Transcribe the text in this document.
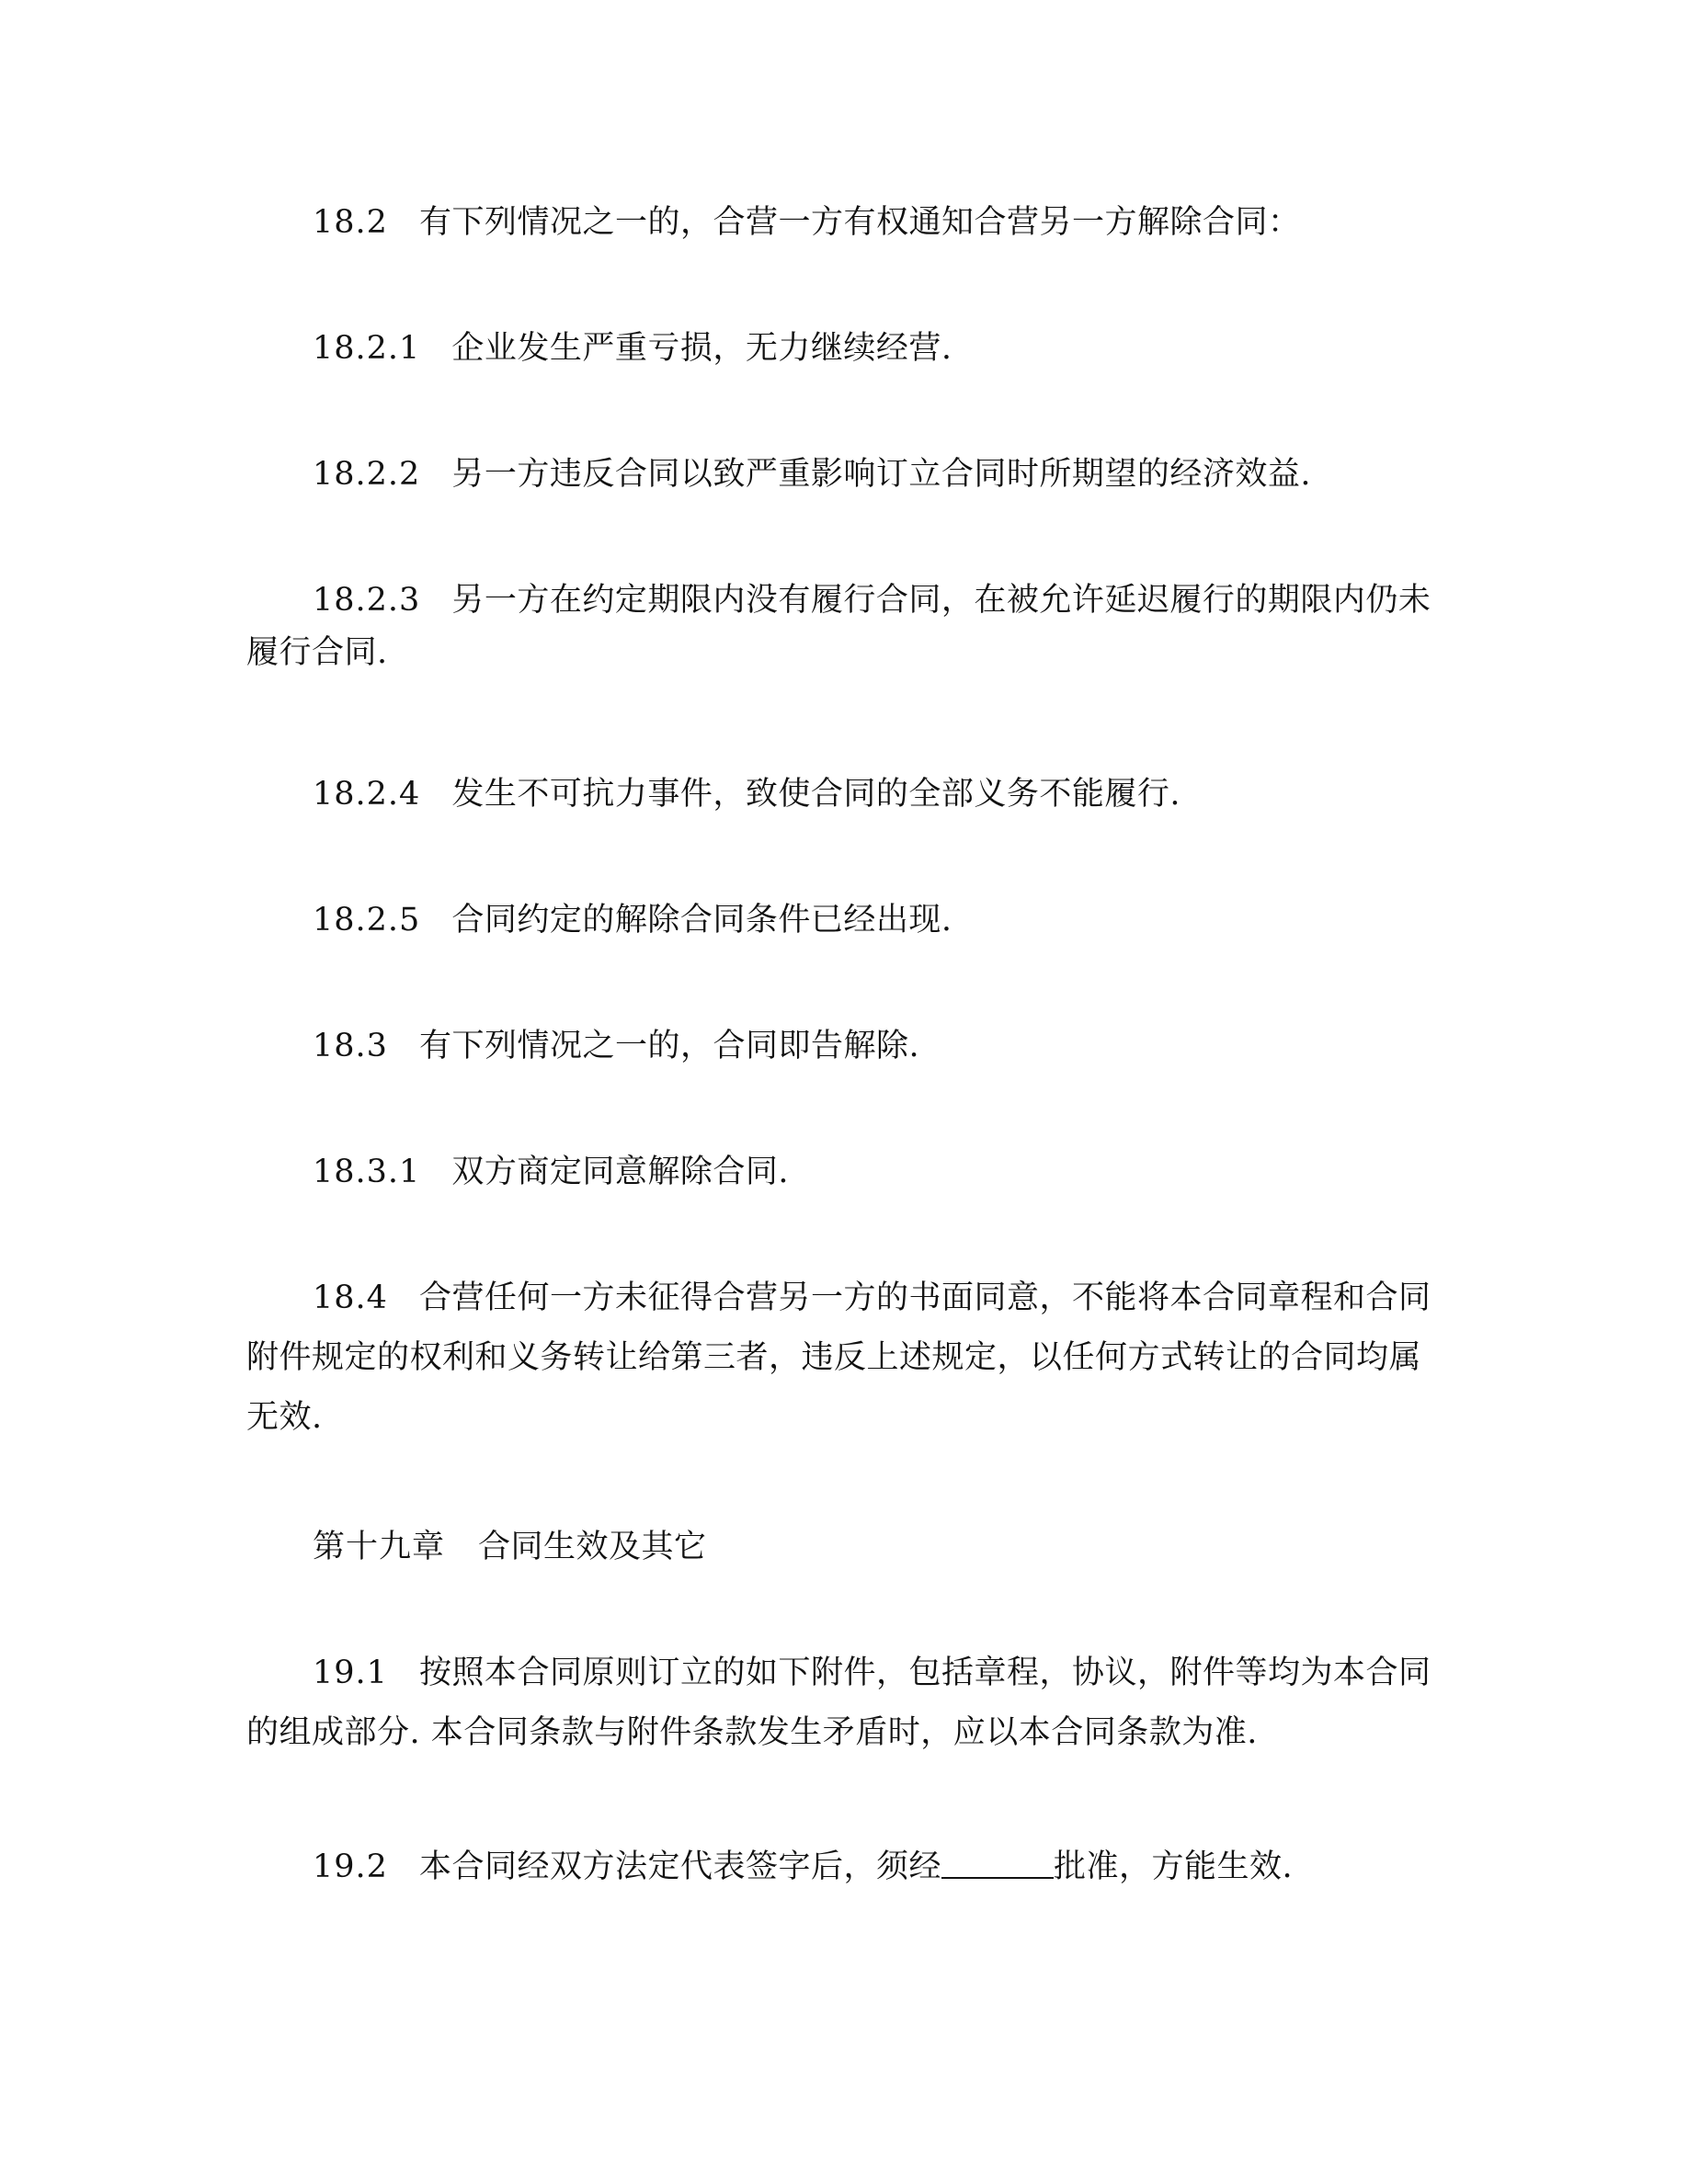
18.2 有下列情况之一的，合营一方有权通知合营另一方解除合同：
18.2.1 企业发生严重亏损，无力继续经营.
18.2.2 另一方违反合同以致严重影响订立合同时所期望的经济效益.
18.2.3 另一方在约定期限内没有履行合同，在被允许延迟履行的期限内仍未
履行合同.
18.2.4 发生不可抗力事件，致使合同的全部义务不能履行.
18.2.5 合同约定的解除合同条件已经出现.
18.3 有下列情况之一的，合同即告解除.
18.3.1 双方商定同意解除合同.
18.4 合营任何一方未征得合营另一方的书面同意，不能将本合同章程和合同
附件规定的权利和义务转让给第三者，违反上述规定，以任何方式转让的合同均属
无效.
第十九章 合同生效及其它
19.1 按照本合同原则订立的如下附件，包括章程，协议，附件等均为本合同
的组成部分. 本合同条款与附件条款发生矛盾时，应以本合同条款为准.
19.2 本合同经双方法定代表签字后，须经	批准，方能生效.
